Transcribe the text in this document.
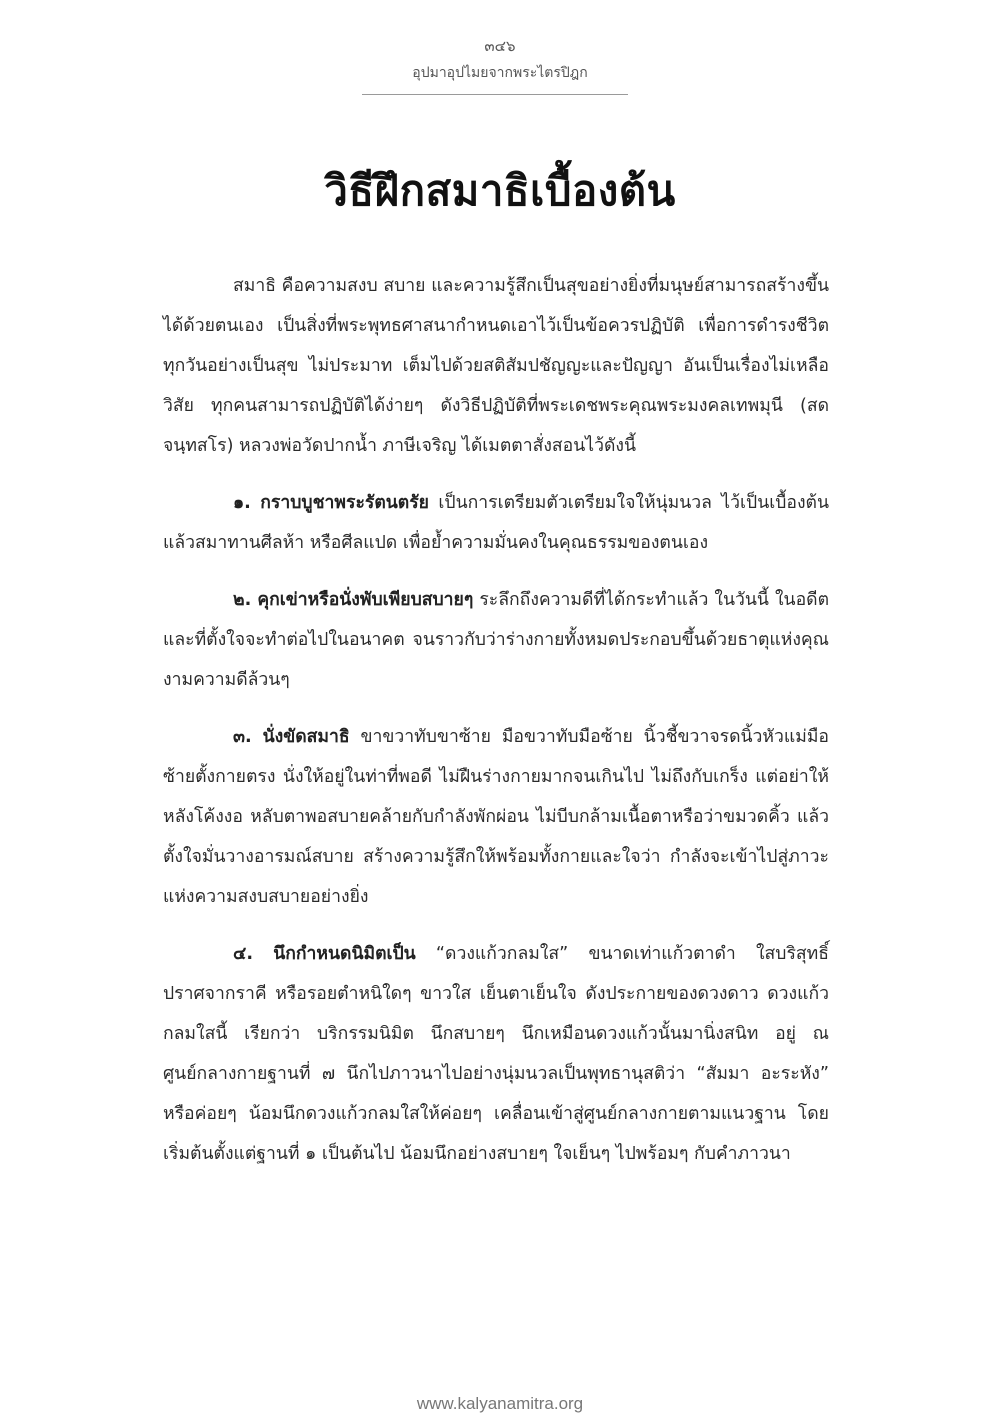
๓๔๖
อุปมาอุปไมยจากพระไตรปิฎก
วิธีฝึกสมาธิเบื้องต้น

สมาธิ คือความสงบ สบาย และความรู้สึกเป็นสุขอย่างยิ่งที่มนุษย์สามารถสร้างขึ้นได้ด้วยตนเอง เป็นสิ่งที่พระพุทธศาสนากำหนดเอาไว้เป็นข้อควรปฏิบัติ เพื่อการดำรงชีวิตทุกวันอย่างเป็นสุข ไม่ประมาท เต็มไปด้วยสติสัมปชัญญะและปัญญา อันเป็นเรื่องไม่เหลือวิสัย ทุกคนสามารถปฏิบัติได้ง่ายๆ ดังวิธีปฏิบัติที่พระเดชพระคุณพระมงคลเทพมุนี (สด จนฺทสโร) หลวงพ่อวัดปากน้ำ ภาษีเจริญ ได้เมตตาสั่งสอนไว้ดังนี้

๑. กราบบูชาพระรัตนตรัย เป็นการเตรียมตัวเตรียมใจให้นุ่มนวล ไว้เป็นเบื้องต้น แล้วสมาทานศีลห้า หรือศีลแปด เพื่อย้ำความมั่นคงในคุณธรรมของตนเอง

๒. คุกเข่าหรือนั่งพับเพียบสบายๆ ระลึกถึงความดีที่ได้กระทำแล้ว ในวันนี้ ในอดีต และที่ตั้งใจจะทำต่อไปในอนาคต จนราวกับว่าร่างกายทั้งหมดประกอบขึ้นด้วยธาตุแห่งคุณงามความดีล้วนๆ

๓. นั่งขัดสมาธิ ขาขวาทับขาซ้าย มือขวาทับมือซ้าย นิ้วชี้ขวาจรดนิ้วหัวแม่มือซ้ายตั้งกายตรง นั่งให้อยู่ในท่าที่พอดี ไม่ฝืนร่างกายมากจนเกินไป ไม่ถึงกับเกร็ง แต่อย่าให้หลังโค้งงอ หลับตาพอสบายคล้ายกับกำลังพักผ่อน ไม่บีบกล้ามเนื้อตาหรือว่าขมวดคิ้ว แล้วตั้งใจมั่นวางอารมณ์สบาย สร้างความรู้สึกให้พร้อมทั้งกายและใจว่า กำลังจะเข้าไปสู่ภาวะแห่งความสงบสบายอย่างยิ่ง

๔. นึกกำหนดนิมิตเป็น “ดวงแก้วกลมใส” ขนาดเท่าแก้วตาดำ ใสบริสุทธิ์ ปราศจากราคี หรือรอยตำหนิใดๆ ขาวใส เย็นตาเย็นใจ ดังประกายของดวงดาว ดวงแก้วกลมใสนี้ เรียกว่า บริกรรมนิมิต นึกสบายๆ นึกเหมือนดวงแก้วนั้นมานิ่งสนิท อยู่ ณ ศูนย์กลางกายฐานที่ ๗ นึกไปภาวนาไปอย่างนุ่มนวลเป็นพุทธานุสติว่า “สัมมา อะระหัง” หรือค่อยๆ น้อมนึกดวงแก้วกลมใสให้ค่อยๆ เคลื่อนเข้าสู่ศูนย์กลางกายตามแนวฐาน โดยเริ่มต้นตั้งแต่ฐานที่ ๑ เป็นต้นไป น้อมนึกอย่างสบายๆ ใจเย็นๆ ไปพร้อมๆ กับคำภาวนา

www.kalyanamitra.org
